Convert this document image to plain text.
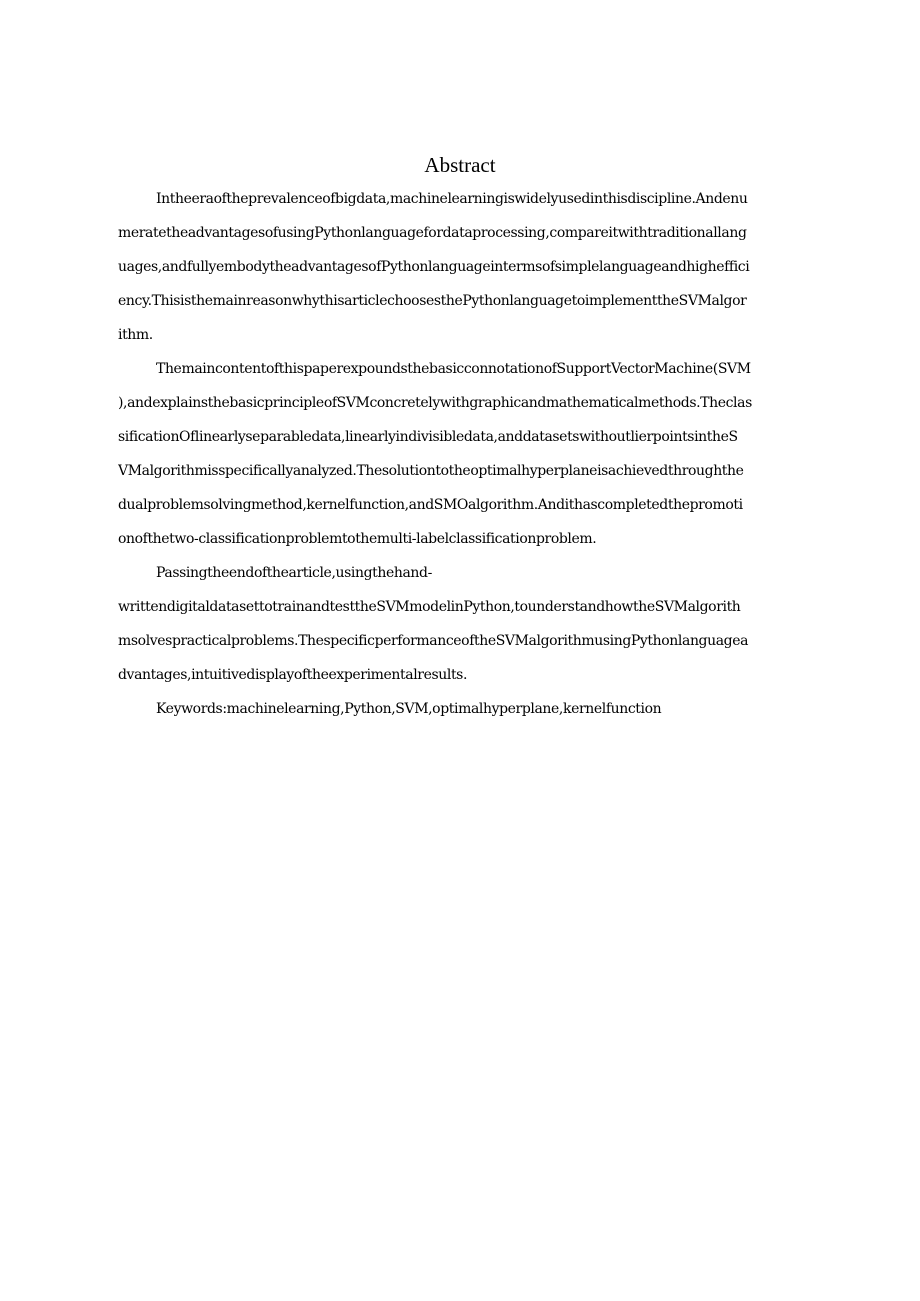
Abstract
Intheeraoftheprevalenceofbigdata,machinelearningiswidelyusedinthisdiscipline.Andenu
meratetheadvantagesofusingPythonlanguagefordataprocessing,compareitwithtraditionallang
uages,andfullyembodytheadvantagesofPythonlanguageintermsofsimplelanguageandhigheffici
ency.ThisisthemainreasonwhythisarticlechoosesthePythonlanguagetoimplementtheSVMalgor
ithm.
ThemaincontentofthispaperexpoundsthebasicconnotationofSupportVectorMachine(SVM
),andexplainsthebasicprincipleofSVMconcretelywithgraphicandmathematicalmethods.Theclas
sificationOflinearlyseparabledata,linearlyindivisibledata,anddatasetswithoutlierpointsintheS
VMalgorithmisspecificallyanalyzed.Thesolutiontotheoptimalhyperplaneisachievedthroughthe
dualproblemsolvingmethod,kernelfunction,andSMOalgorithm.Andithascompletedthepromoti
onofthetwo-classificationproblemtothemulti-labelclassificationproblem.
Passingtheendofthearticle,usingthehand-
writtendigitaldatasettotrainandtesttheSVMmodelinPython,tounderstandhowtheSVMalgorith
msolvespracticalproblems.ThespecificperformanceoftheSVMalgorithmusingPythonlanguagea
dvantages,intuitivedisplayoftheexperimentalresults.
Keywords:machinelearning,Python,SVM,optimalhyperplane,kernelfunction
